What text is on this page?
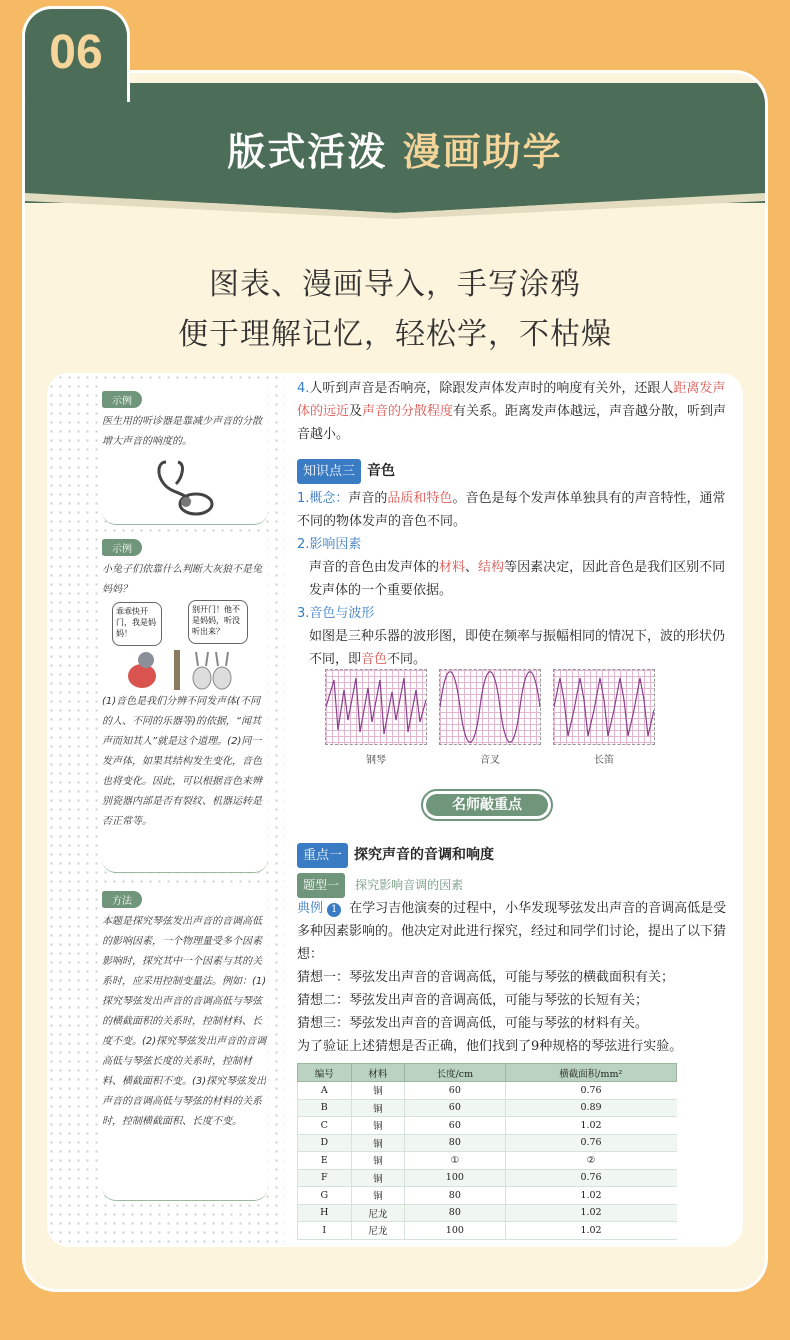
06
版式活泼 漫画助学
图表、漫画导入，手写涂鸦
便于理解记忆，轻松学，不枯燥
示例
医生用的听诊器是靠减少声音的分散增大声音的响度的。
示例
小兔子们依靠什么判断大灰狼不是兔妈妈？
乖乖快开门，我是妈妈！
别开门！他不是妈妈，听没听出来？
(1)音色是我们分辨不同发声体(不同的人、不同的乐器等)的依据，“闻其声而知其人”就是这个道理。(2)同一发声体，如果其结构发生变化，音色也将变化。因此，可以根据音色来辨别瓷器内部是否有裂纹、机器运转是否正常等。
方法
本题是探究琴弦发出声音的音调高低的影响因素，一个物理量受多个因素影响时，探究其中一个因素与其的关系时，应采用控制变量法。例如：(1)探究琴弦发出声音的音调高低与琴弦的横截面积的关系时，控制材料、长度不变。(2)探究琴弦发出声音的音调高低与琴弦长度的关系时，控制材料、横截面积不变。(3)探究琴弦发出声音的音调高低与琴弦的材料的关系时，控制横截面积、长度不变。
4.人听到声音是否响亮，除跟发声体发声时的响度有关外，还跟人距离发声体的远近及声音的分散程度有关系。距离发声体越远，声音越分散，听到声音越小。
知识点三 音色
1.概念：声音的品质和特色。音色是每个发声体单独具有的声音特性，通常不同的物体发声的音色不同。
2.影响因素
声音的音色由发声体的材料、结构等因素决定，因此音色是我们区别不同发声体的一个重要依据。
3.音色与波形
如图是三种乐器的波形图，即使在频率与振幅相同的情况下，波的形状仍不同，即音色不同。
钢琴	音叉	长笛
名师敲重点
重点一 探究声音的音调和响度
题型一 探究影响音调的因素
典例 1 在学习吉他演奏的过程中，小华发现琴弦发出声音的音调高低是受多种因素影响的。他决定对此进行探究，经过和同学们讨论，提出了以下猜想：
猜想一：琴弦发出声音的音调高低，可能与琴弦的横截面积有关；
猜想二：琴弦发出声音的音调高低，可能与琴弦的长短有关；
猜想三：琴弦发出声音的音调高低，可能与琴弦的材料有关。
为了验证上述猜想是否正确，他们找到了9种规格的琴弦进行实验。
编号	材料	长度/cm	横截面积/mm²
A	铜	60	0.76
B	铜	60	0.89
C	铜	60	1.02
D	铜	80	0.76
E	铜	①	②
F	铜	100	0.76
G	铜	80	1.02
H	尼龙	80	1.02
I	尼龙	100	1.02
